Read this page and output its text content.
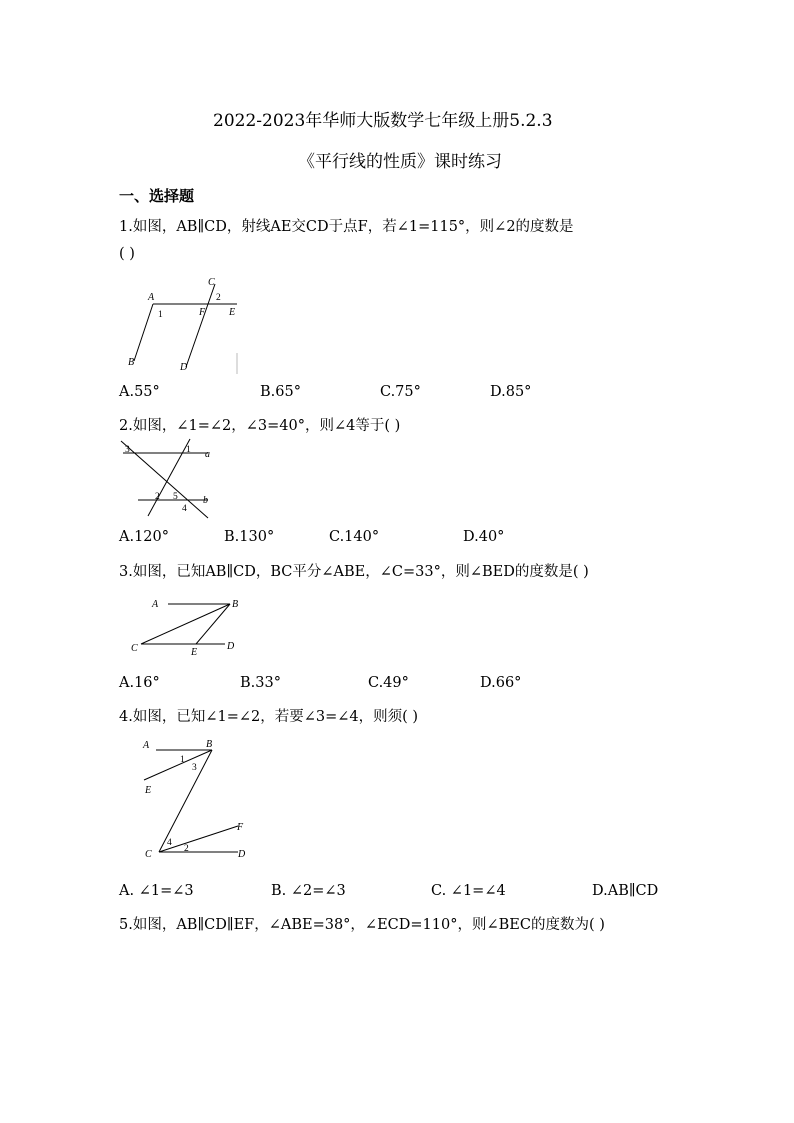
2022-2023年华师大版数学七年级上册5.2.3
《平行线的性质》课时练习
一、选择题
1.如图，AB∥CD，射线AE交CD于点F，若∠1=115°，则∠2的度数是
( )
A
1
C
2
F E
B	D
A.55°	B.65°	C.75°	D.85°
2.如图，∠1=∠2，∠3=40°，则∠4等于( )
3	1 a
2 5
4
b
A.120°	B.130°	C.140°	D.40°
3.如图，已知AB∥CD，BC平分∠ABE，∠C=33°，则∠BED的度数是( )
A	B
C	E
D
A.16°	B.33°	C.49°	D.66°
4.如图，已知∠1=∠2，若要∠3=∠4，则须( )
A	B
1
3
E
F
C
4
2	D
A. ∠1=∠3	B. ∠2=∠3	C. ∠1=∠4	D.AB∥CD
5.如图，AB∥CD∥EF，∠ABE=38°，∠ECD=110°，则∠BEC的度数为( )
